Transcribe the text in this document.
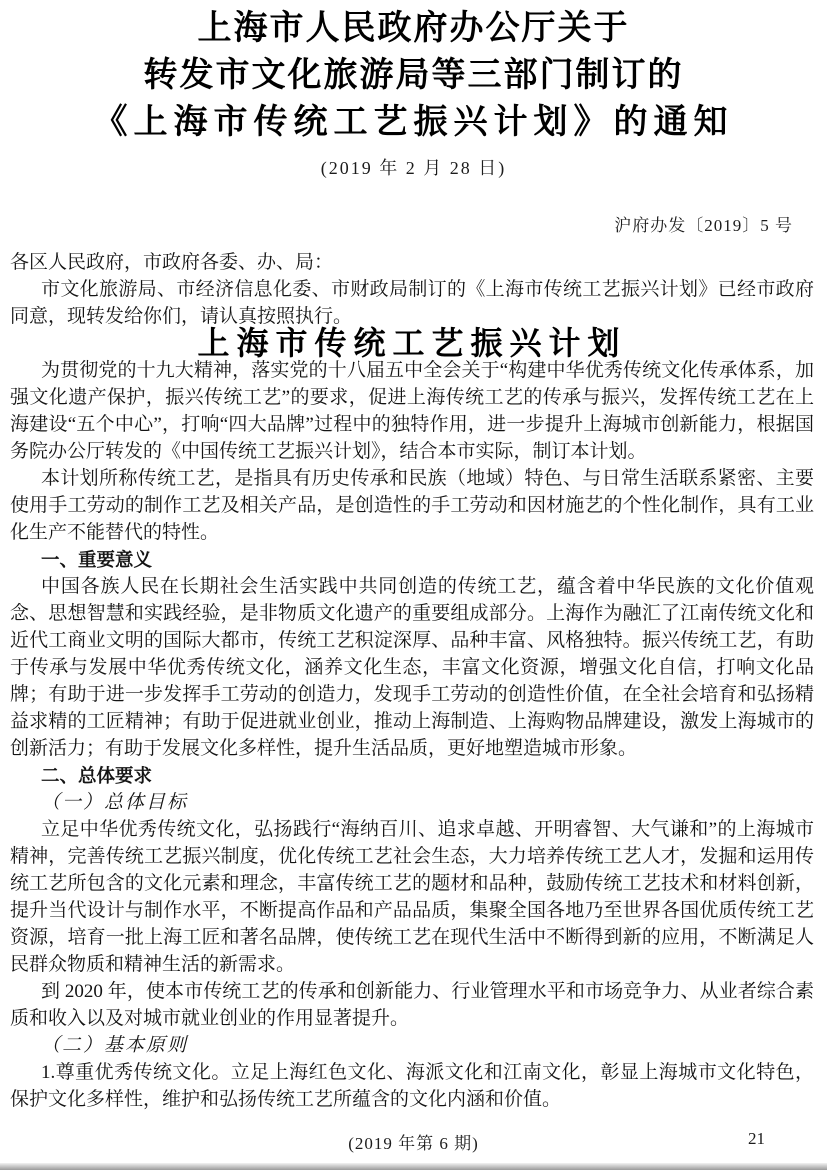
上海市人民政府办公厅关于
转发市文化旅游局等三部门制订的
《上海市传统工艺振兴计划》的通知
(2019 年 2 月 28 日)
沪府办发〔2019〕5 号

各区人民政府，市政府各委、办、局：

市文化旅游局、市经济信息化委、市财政局制订的《上海市传统工艺振兴计划》已经市政府同意，现转发给你们，请认真按照执行。

上海市传统工艺振兴计划

为贯彻党的十九大精神，落实党的十八届五中全会关于“构建中华优秀传统文化传承体系，加强文化遗产保护，振兴传统工艺”的要求，促进上海传统工艺的传承与振兴，发挥传统工艺在上海建设“五个中心”，打响“四大品牌”过程中的独特作用，进一步提升上海城市创新能力，根据国务院办公厅转发的《中国传统工艺振兴计划》，结合本市实际，制订本计划。

本计划所称传统工艺，是指具有历史传承和民族（地域）特色、与日常生活联系紧密、主要使用手工劳动的制作工艺及相关产品，是创造性的手工劳动和因材施艺的个性化制作，具有工业化生产不能替代的特性。

一、重要意义

中国各族人民在长期社会生活实践中共同创造的传统工艺，蕴含着中华民族的文化价值观念、思想智慧和实践经验，是非物质文化遗产的重要组成部分。上海作为融汇了江南传统文化和近代工商业文明的国际大都市，传统工艺积淀深厚、品种丰富、风格独特。振兴传统工艺，有助于传承与发展中华优秀传统文化，涵养文化生态，丰富文化资源，增强文化自信，打响文化品牌；有助于进一步发挥手工劳动的创造力，发现手工劳动的创造性价值，在全社会培育和弘扬精益求精的工匠精神；有助于促进就业创业，推动上海制造、上海购物品牌建设，激发上海城市的创新活力；有助于发展文化多样性，提升生活品质，更好地塑造城市形象。

二、总体要求

（一）总体目标

立足中华优秀传统文化，弘扬践行“海纳百川、追求卓越、开明睿智、大气谦和”的上海城市精神，完善传统工艺振兴制度，优化传统工艺社会生态，大力培养传统工艺人才，发掘和运用传统工艺所包含的文化元素和理念，丰富传统工艺的题材和品种，鼓励传统工艺技术和材料创新，提升当代设计与制作水平，不断提高作品和产品品质，集聚全国各地乃至世界各国优质传统工艺资源，培育一批上海工匠和著名品牌，使传统工艺在现代生活中不断得到新的应用，不断满足人民群众物质和精神生活的新需求。

到 2020 年，使本市传统工艺的传承和创新能力、行业管理水平和市场竞争力、从业者综合素质和收入以及对城市就业创业的作用显著提升。

（二）基本原则

1.尊重优秀传统文化。立足上海红色文化、海派文化和江南文化，彰显上海城市文化特色，保护文化多样性，维护和弘扬传统工艺所蕴含的文化内涵和价值。

(2019 年第 6 期)	21
